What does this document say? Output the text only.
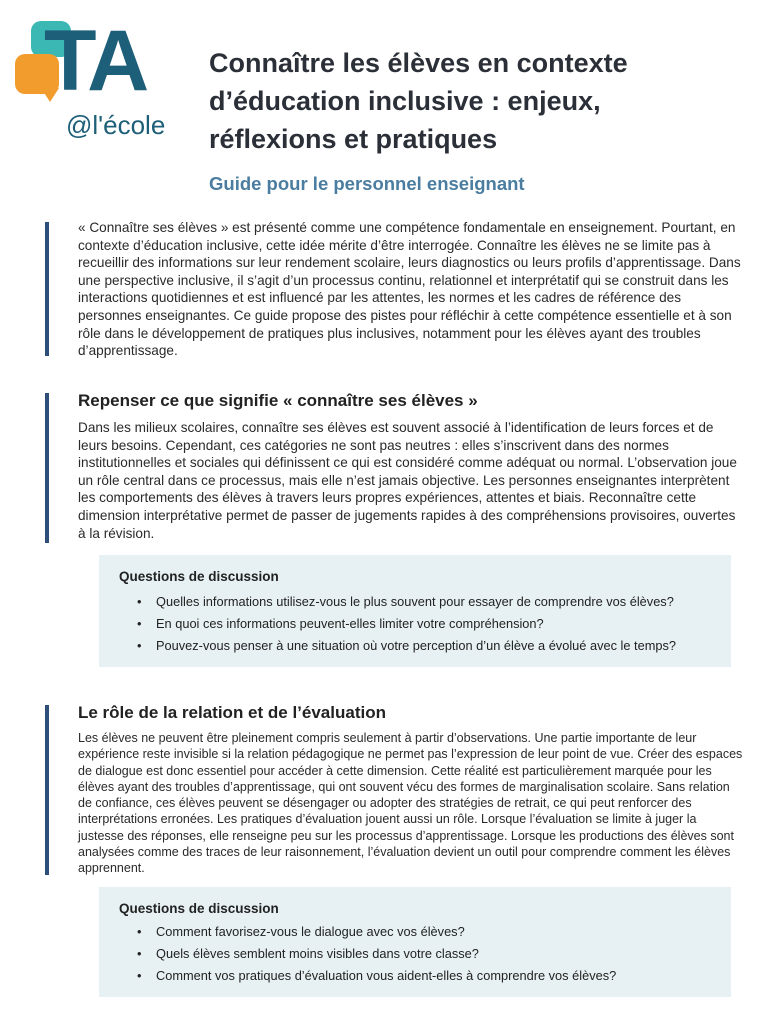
TA
@l'école
Connaître les élèves en contexte d’éducation inclusive : enjeux, réflexions et pratiques
Guide pour le personnel enseignant
« Connaître ses élèves » est présenté comme une compétence fondamentale en enseignement. Pourtant, en contexte d’éducation inclusive, cette idée mérite d’être interrogée. Connaître les élèves ne se limite pas à recueillir des informations sur leur rendement scolaire, leurs diagnostics ou leurs profils d’apprentissage. Dans une perspective inclusive, il s’agit d’un processus continu, relationnel et interprétatif qui se construit dans les interactions quotidiennes et est influencé par les attentes, les normes et les cadres de référence des personnes enseignantes. Ce guide propose des pistes pour réfléchir à cette compétence essentielle et à son rôle dans le développement de pratiques plus inclusives, notamment pour les élèves ayant des troubles d’apprentissage.
Repenser ce que signifie « connaître ses élèves »
Dans les milieux scolaires, connaître ses élèves est souvent associé à l’identification de leurs forces et de leurs besoins. Cependant, ces catégories ne sont pas neutres : elles s’inscrivent dans des normes institutionnelles et sociales qui définissent ce qui est considéré comme adéquat ou normal. L’observation joue un rôle central dans ce processus, mais elle n’est jamais objective. Les personnes enseignantes interprètent les comportements des élèves à travers leurs propres expériences, attentes et biais. Reconnaître cette dimension interprétative permet de passer de jugements rapides à des compréhensions provisoires, ouvertes à la révision.
Questions de discussion
• Quelles informations utilisez-vous le plus souvent pour essayer de comprendre vos élèves?
• En quoi ces informations peuvent-elles limiter votre compréhension?
• Pouvez-vous penser à une situation où votre perception d’un élève a évolué avec le temps?
Le rôle de la relation et de l’évaluation
Les élèves ne peuvent être pleinement compris seulement à partir d’observations. Une partie importante de leur expérience reste invisible si la relation pédagogique ne permet pas l’expression de leur point de vue. Créer des espaces de dialogue est donc essentiel pour accéder à cette dimension. Cette réalité est particulièrement marquée pour les élèves ayant des troubles d’apprentissage, qui ont souvent vécu des formes de marginalisation scolaire. Sans relation de confiance, ces élèves peuvent se désengager ou adopter des stratégies de retrait, ce qui peut renforcer des interprétations erronées. Les pratiques d’évaluation jouent aussi un rôle. Lorsque l’évaluation se limite à juger la justesse des réponses, elle renseigne peu sur les processus d’apprentissage. Lorsque les productions des élèves sont analysées comme des traces de leur raisonnement, l’évaluation devient un outil pour comprendre comment les élèves apprennent.
Questions de discussion
• Comment favorisez-vous le dialogue avec vos élèves?
• Quels élèves semblent moins visibles dans votre classe?
• Comment vos pratiques d’évaluation vous aident-elles à comprendre vos élèves?
